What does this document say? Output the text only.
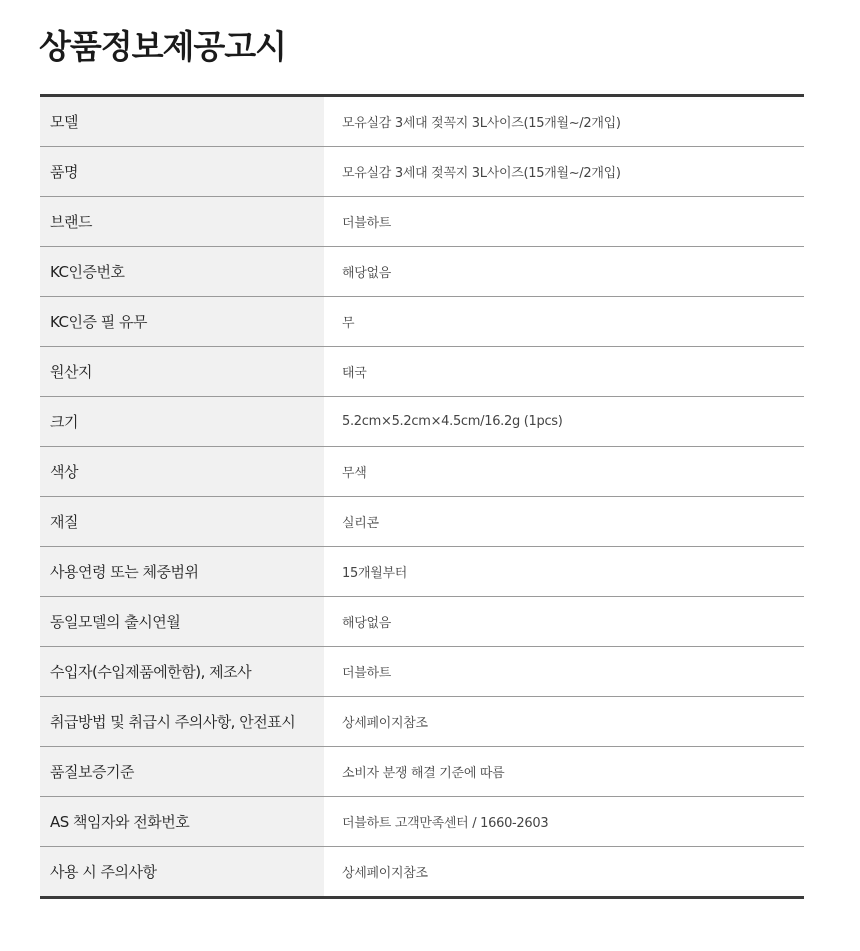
상품정보제공고시
모델	모유실감 3세대 젖꼭지 3L사이즈(15개월~/2개입)
품명	모유실감 3세대 젖꼭지 3L사이즈(15개월~/2개입)
브랜드	더블하트
KC인증번호	해당없음
KC인증 필 유무	무
원산지	태국
크기	5.2cm×5.2cm×4.5cm/16.2g (1pcs)
색상	무색
재질	실리콘
사용연령 또는 체중범위	15개월부터
동일모델의 출시연월	해당없음
수입자(수입제품에한함), 제조사	더블하트
취급방법 및 취급시 주의사항, 안전표시	상세페이지참조
품질보증기준	소비자 분쟁 해결 기준에 따름
AS 책임자와 전화번호	더블하트 고객만족센터 / 1660-2603
사용 시 주의사항	상세페이지참조
